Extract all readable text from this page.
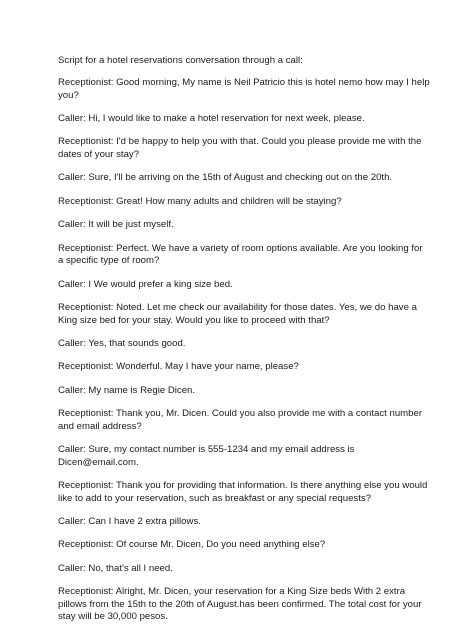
Script for a hotel reservations conversation through a call:

Receptionist: Good morning, My name is Neil Patricio this is hotel nemo how may I help you?

Caller: Hi, I would like to make a hotel reservation for next week, please.

Receptionist: I'd be happy to help you with that. Could you please provide me with the dates of your stay?

Caller: Sure, I'll be arriving on the 15th of August and checking out on the 20th.

Receptionist: Great! How many adults and children will be staying?

Caller: It will be just myself.

Receptionist: Perfect. We have a variety of room options available. Are you looking for a specific type of room?

Caller: I We would prefer a king size bed.

Receptionist: Noted. Let me check our availability for those dates. Yes, we do have a King size bed for your stay. Would you like to proceed with that?

Caller: Yes, that sounds good.

Receptionist: Wonderful. May I have your name, please?

Caller: My name is Regie Dicen.

Receptionist: Thank you, Mr. Dicen. Could you also provide me with a contact number and email address?

Caller: Sure, my contact number is 555-1234 and my email address is Dicen@email.com.

Receptionist: Thank you for providing that information. Is there anything else you would like to add to your reservation, such as breakfast or any special requests?

Caller: Can I have 2 extra pillows.

Receptionist: Of course Mr. Dicen, Do you need anything else?

Caller: No, that's all I need.

Receptionist: Alright, Mr. Dicen, your reservation for a King Size beds With 2 extra pillows from the 15th to the 20th of August.has been confirmed. The total cost for your stay will be 30,000 pesos.
